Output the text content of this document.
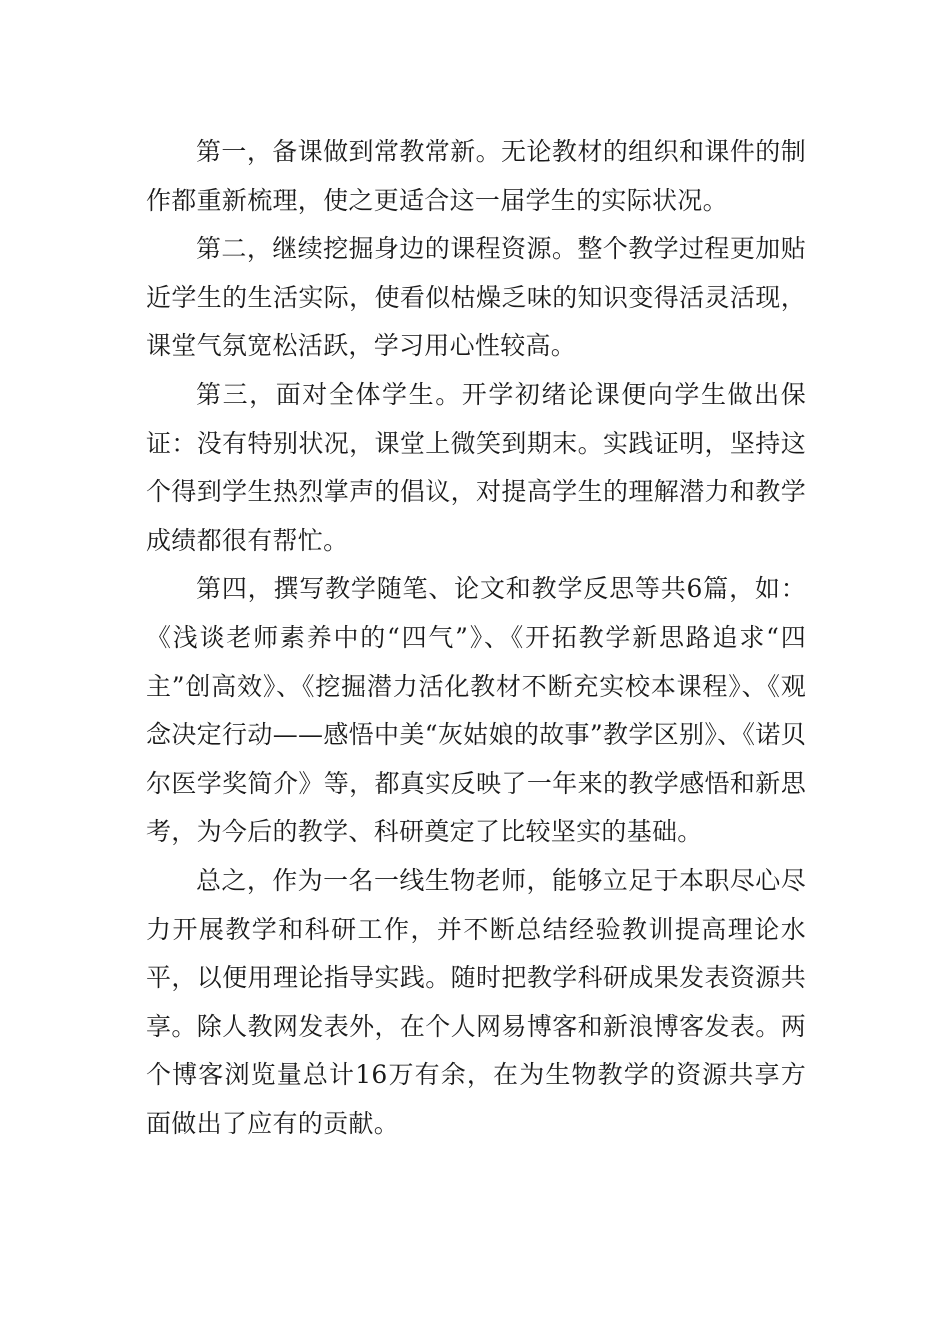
第一，备课做到常教常新。无论教材的组织和课件的制作都重新梳理，使之更适合这一届学生的实际状况。

第二，继续挖掘身边的课程资源。整个教学过程更加贴近学生的生活实际，使看似枯燥乏味的知识变得活灵活现，课堂气氛宽松活跃，学习用心性较高。

第三，面对全体学生。开学初绪论课便向学生做出保证：没有特别状况，课堂上微笑到期末。实践证明，坚持这个得到学生热烈掌声的倡议，对提高学生的理解潜力和教学成绩都很有帮忙。

第四，撰写教学随笔、论文和教学反思等共6篇，如：《浅谈老师素养中的“四气”》、《开拓教学新思路追求“四主”创高效》、《挖掘潜力活化教材不断充实校本课程》、《观念决定行动——感悟中美“灰姑娘的故事”教学区别》、《诺贝尔医学奖简介》等，都真实反映了一年来的教学感悟和新思考，为今后的教学、科研奠定了比较坚实的基础。

总之，作为一名一线生物老师，能够立足于本职尽心尽力开展教学和科研工作，并不断总结经验教训提高理论水平，以便用理论指导实践。随时把教学科研成果发表资源共享。除人教网发表外，在个人网易博客和新浪博客发表。两个博客浏览量总计16万有余，在为生物教学的资源共享方面做出了应有的贡献。
